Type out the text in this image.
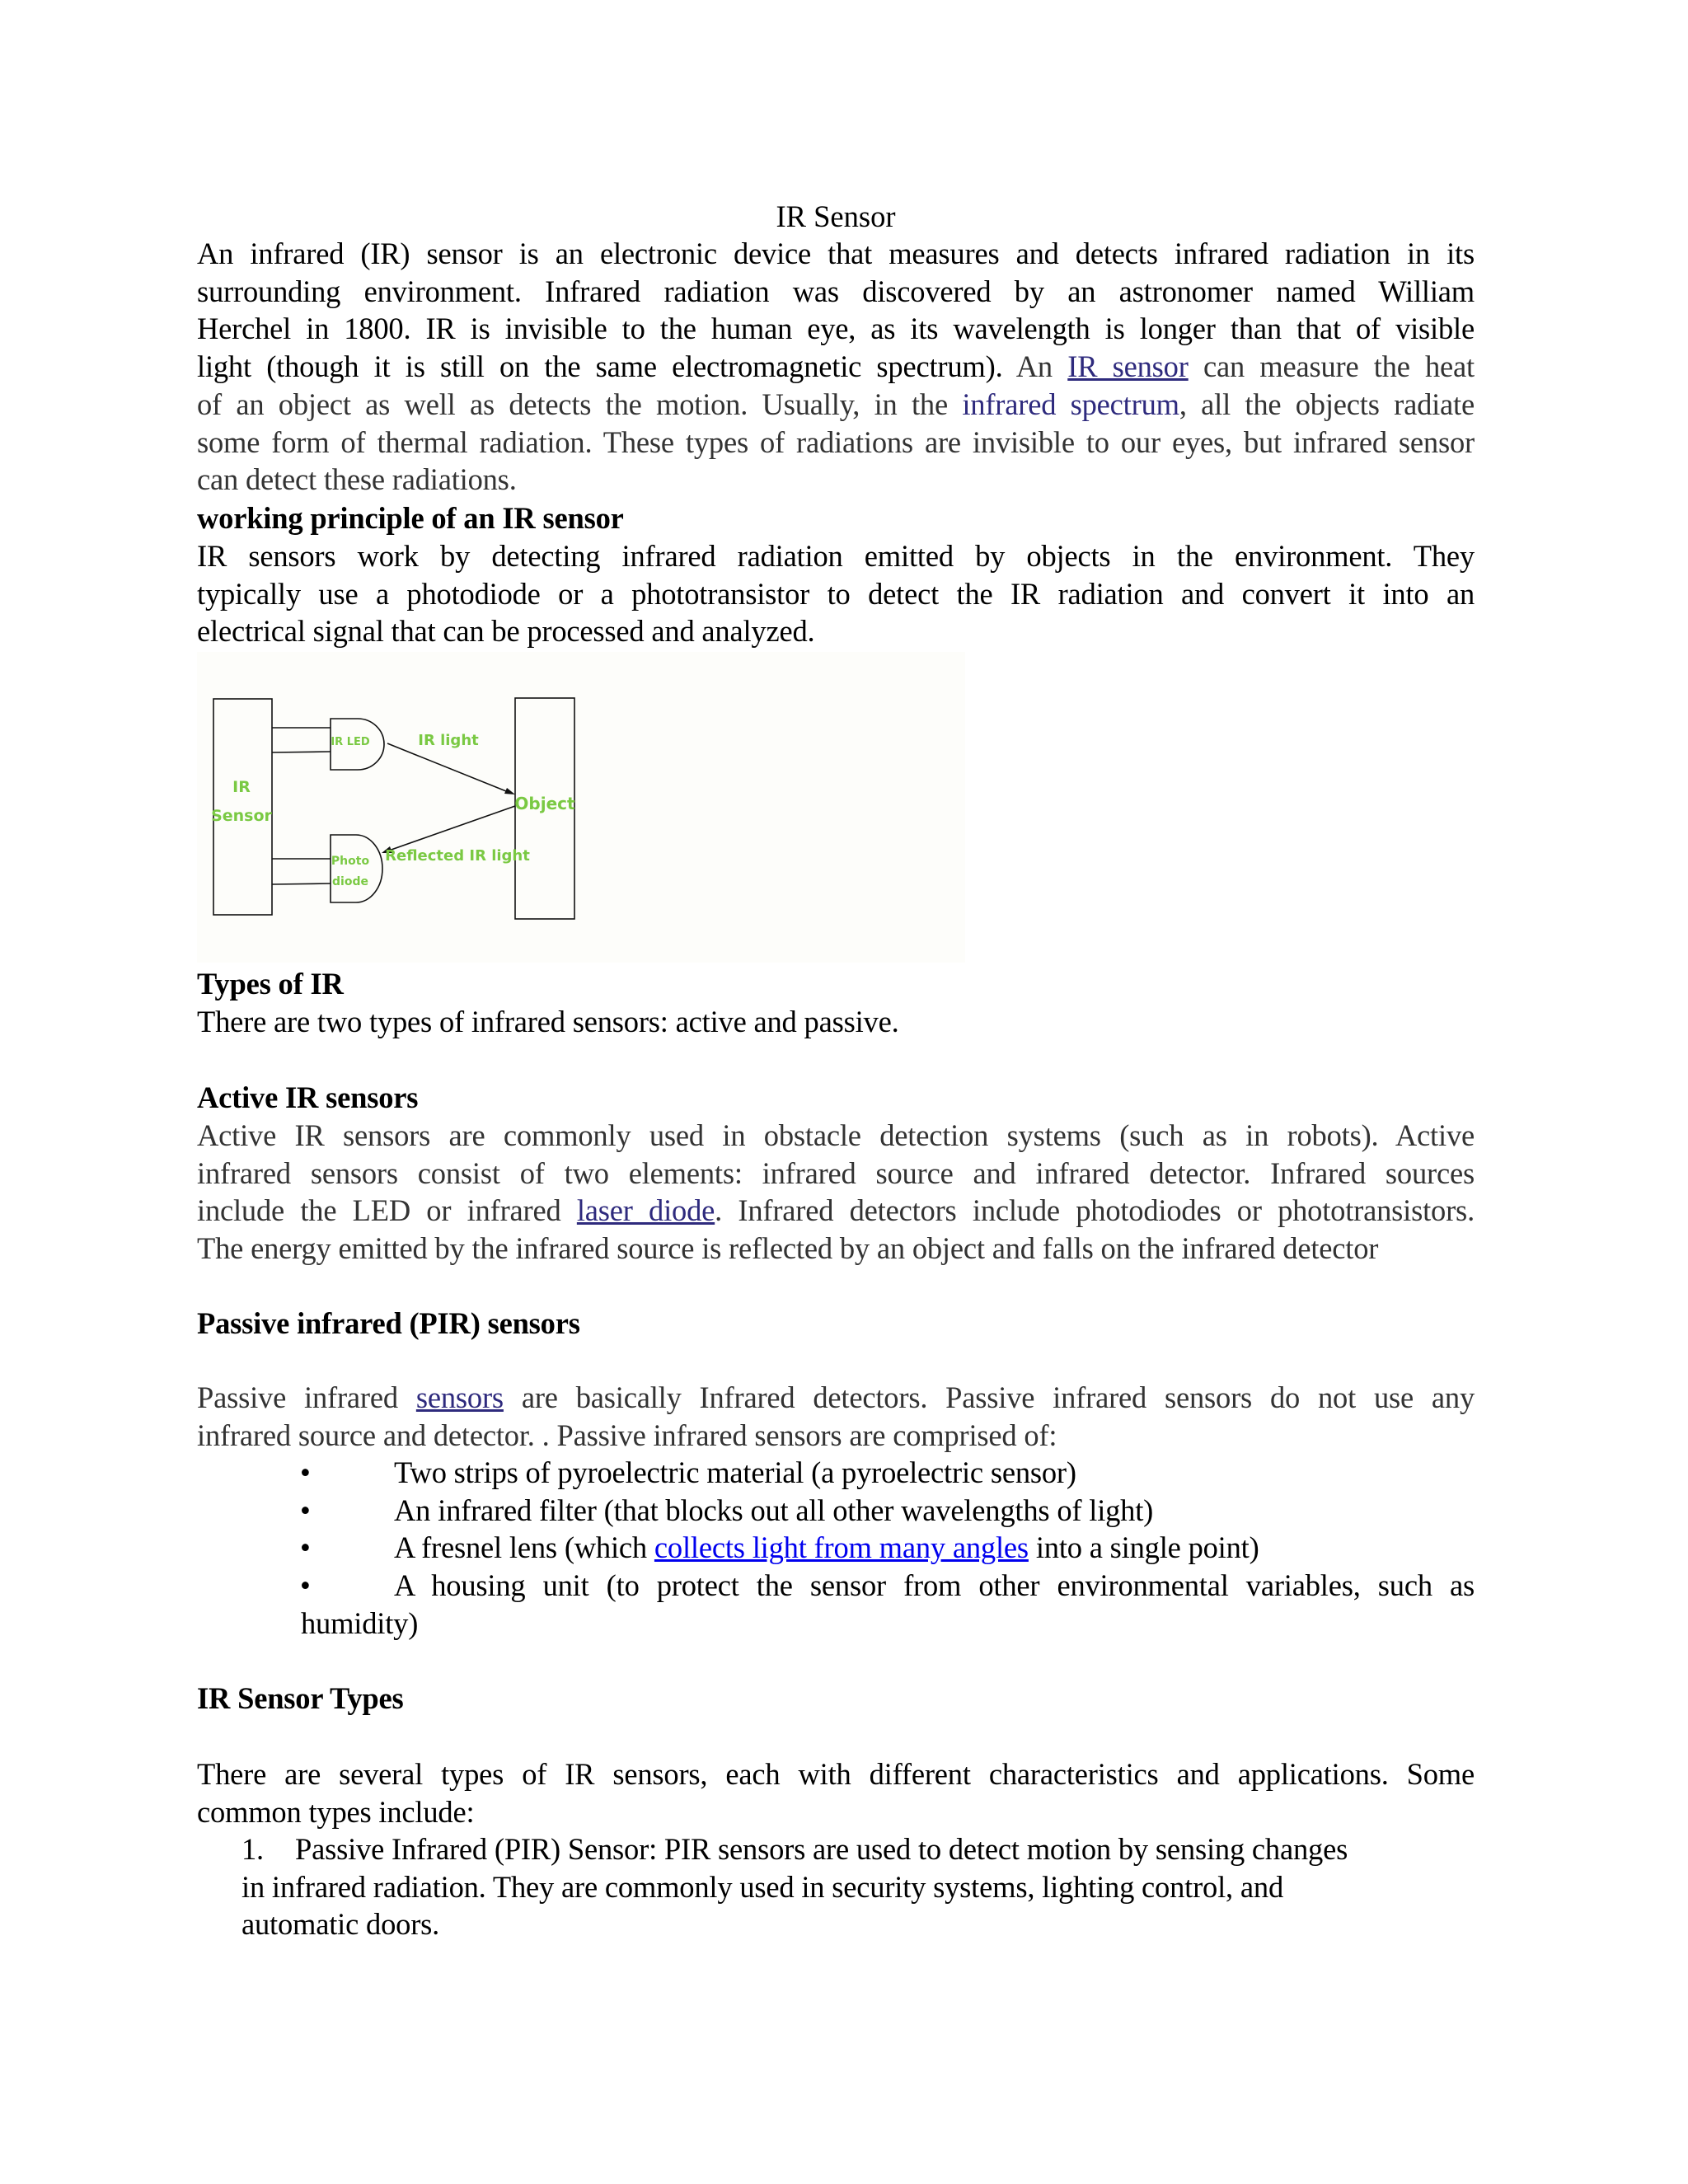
IR Sensor
An infrared (IR) sensor is an electronic device that measures and detects infrared radiation in its
surrounding environment. Infrared radiation was discovered by an astronomer named William
Herchel in 1800. IR is invisible to the human eye, as its wavelength is longer than that of visible
light (though it is still on the same electromagnetic spectrum). An IR sensor can measure the heat
of an object as well as detects the motion. Usually, in the infrared spectrum, all the objects radiate
some form of thermal radiation. These types of radiations are invisible to our eyes, but infrared sensor
can detect these radiations.
working principle of an IR sensor
IR sensors work by detecting infrared radiation emitted by objects in the environment. They
typically use a photodiode or a phototransistor to detect the IR radiation and convert it into an
electrical signal that can be processed and analyzed.
Types of IR
There are two types of infrared sensors: active and passive.
Active IR sensors
Active IR sensors are commonly used in obstacle detection systems (such as in robots). Active
infrared sensors consist of two elements: infrared source and infrared detector. Infrared sources
include the LED or infrared laser diode. Infrared detectors include photodiodes or phototransistors.
The energy emitted by the infrared source is reflected by an object and falls on the infrared detector
Passive infrared (PIR) sensors
Passive infrared sensors are basically Infrared detectors. Passive infrared sensors do not use any
infrared source and detector. . Passive infrared sensors are comprised of:
•	Two strips of pyroelectric material (a pyroelectric sensor)
•	An infrared filter (that blocks out all other wavelengths of light)
•	A fresnel lens (which collects light from many angles into a single point)
•	A housing unit (to protect the sensor from other environmental variables, such as
humidity)
IR Sensor Types
There are several types of IR sensors, each with different characteristics and applications. Some
common types include:
1. Passive Infrared (PIR) Sensor: PIR sensors are used to detect motion by sensing changes
in infrared radiation. They are commonly used in security systems, lighting control, and
automatic doors.
IR
Sensor
IR LED
Photo
diode
IR light
Object
Reflected IR light
